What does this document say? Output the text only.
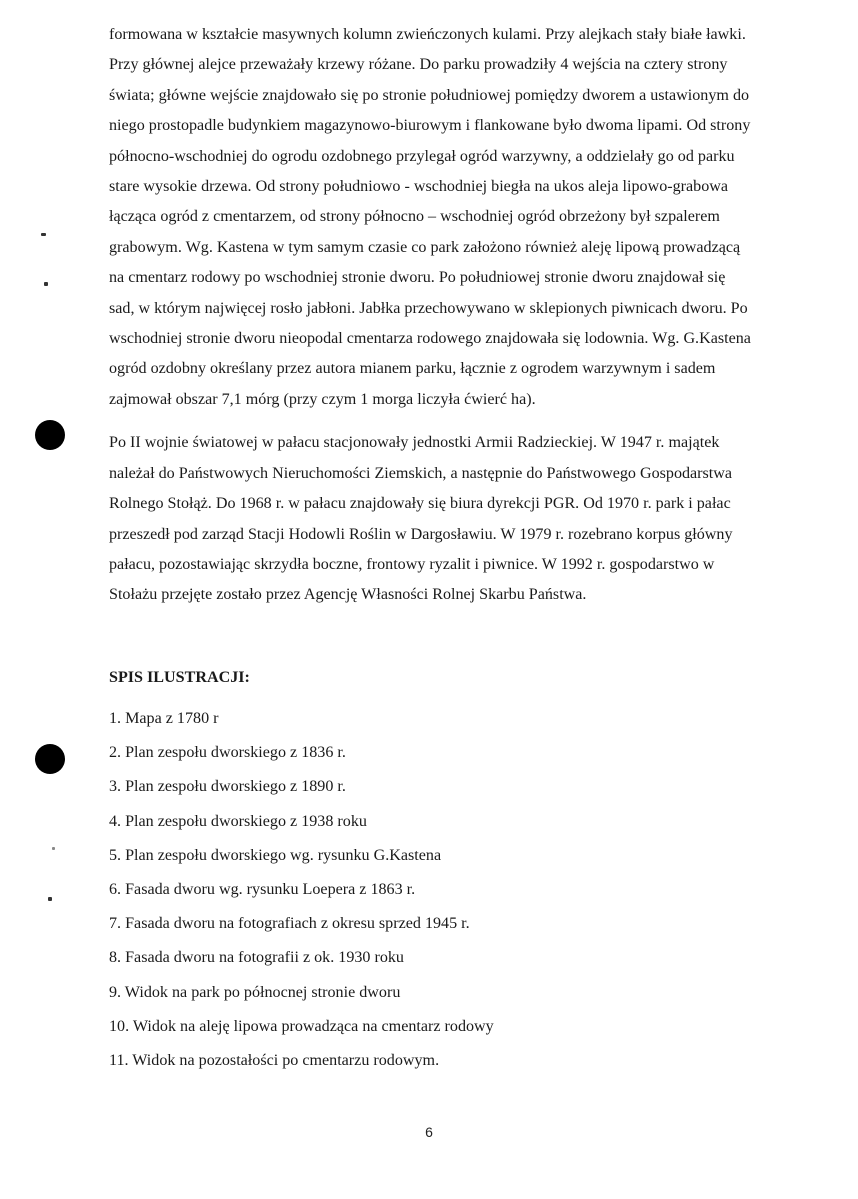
formowana w kształcie masywnych kolumn zwieńczonych kulami. Przy alejkach stały białe ławki.
Przy głównej alejce przeważały krzewy różane. Do parku prowadziły 4 wejścia na cztery strony
świata; główne wejście znajdowało się po stronie południowej pomiędzy dworem a ustawionym do
niego prostopadle budynkiem magazynowo-biurowym i flankowane było dwoma lipami. Od strony
północno-wschodniej do ogrodu ozdobnego przylegał ogród warzywny, a oddzielały go od parku
stare wysokie drzewa. Od strony południowo - wschodniej biegła na ukos aleja lipowo-grabowa
łącząca ogród z cmentarzem, od strony północno – wschodniej ogród obrzeżony był szpalerem
grabowym. Wg. Kastena w tym samym czasie co park założono również aleję lipową prowadzącą
na cmentarz rodowy po wschodniej stronie dworu. Po południowej stronie dworu znajdował się
sad, w którym najwięcej rosło jabłoni. Jabłka przechowywano w sklepionych piwnicach dworu. Po
wschodniej stronie dworu nieopodal cmentarza rodowego znajdowała się lodownia. Wg. G.Kastena
ogród ozdobny określany przez autora mianem parku, łącznie z ogrodem warzywnym i sadem
zajmował obszar 7,1 mórg (przy czym 1 morga liczyła ćwierć ha).

Po II wojnie światowej w pałacu stacjonowały jednostki Armii Radzieckiej. W 1947 r. majątek
należał do Państwowych Nieruchomości Ziemskich, a następnie do Państwowego Gospodarstwa
Rolnego Stołąż. Do 1968 r. w pałacu znajdowały się biura dyrekcji PGR. Od 1970 r. park i pałac
przeszedł pod zarząd Stacji Hodowli Roślin w Dargosławiu. W 1979 r. rozebrano korpus główny
pałacu, pozostawiając skrzydła boczne, frontowy ryzalit i piwnice. W 1992 r. gospodarstwo w
Stołażu przejęte zostało przez Agencję Własności Rolnej Skarbu Państwa.

SPIS ILUSTRACJI:
1. Mapa z 1780 r
2. Plan zespołu dworskiego z 1836 r.
3. Plan zespołu dworskiego z 1890 r.
4. Plan zespołu dworskiego z 1938 roku
5. Plan zespołu dworskiego wg. rysunku G.Kastena
6. Fasada dworu wg. rysunku Loepera z 1863 r.
7. Fasada dworu na fotografiach z okresu sprzed 1945 r.
8. Fasada dworu na fotografii z ok. 1930 roku
9. Widok na park po północnej stronie dworu
10. Widok na aleję lipowa prowadząca na cmentarz rodowy
11. Widok na pozostałości po cmentarzu rodowym.
6
